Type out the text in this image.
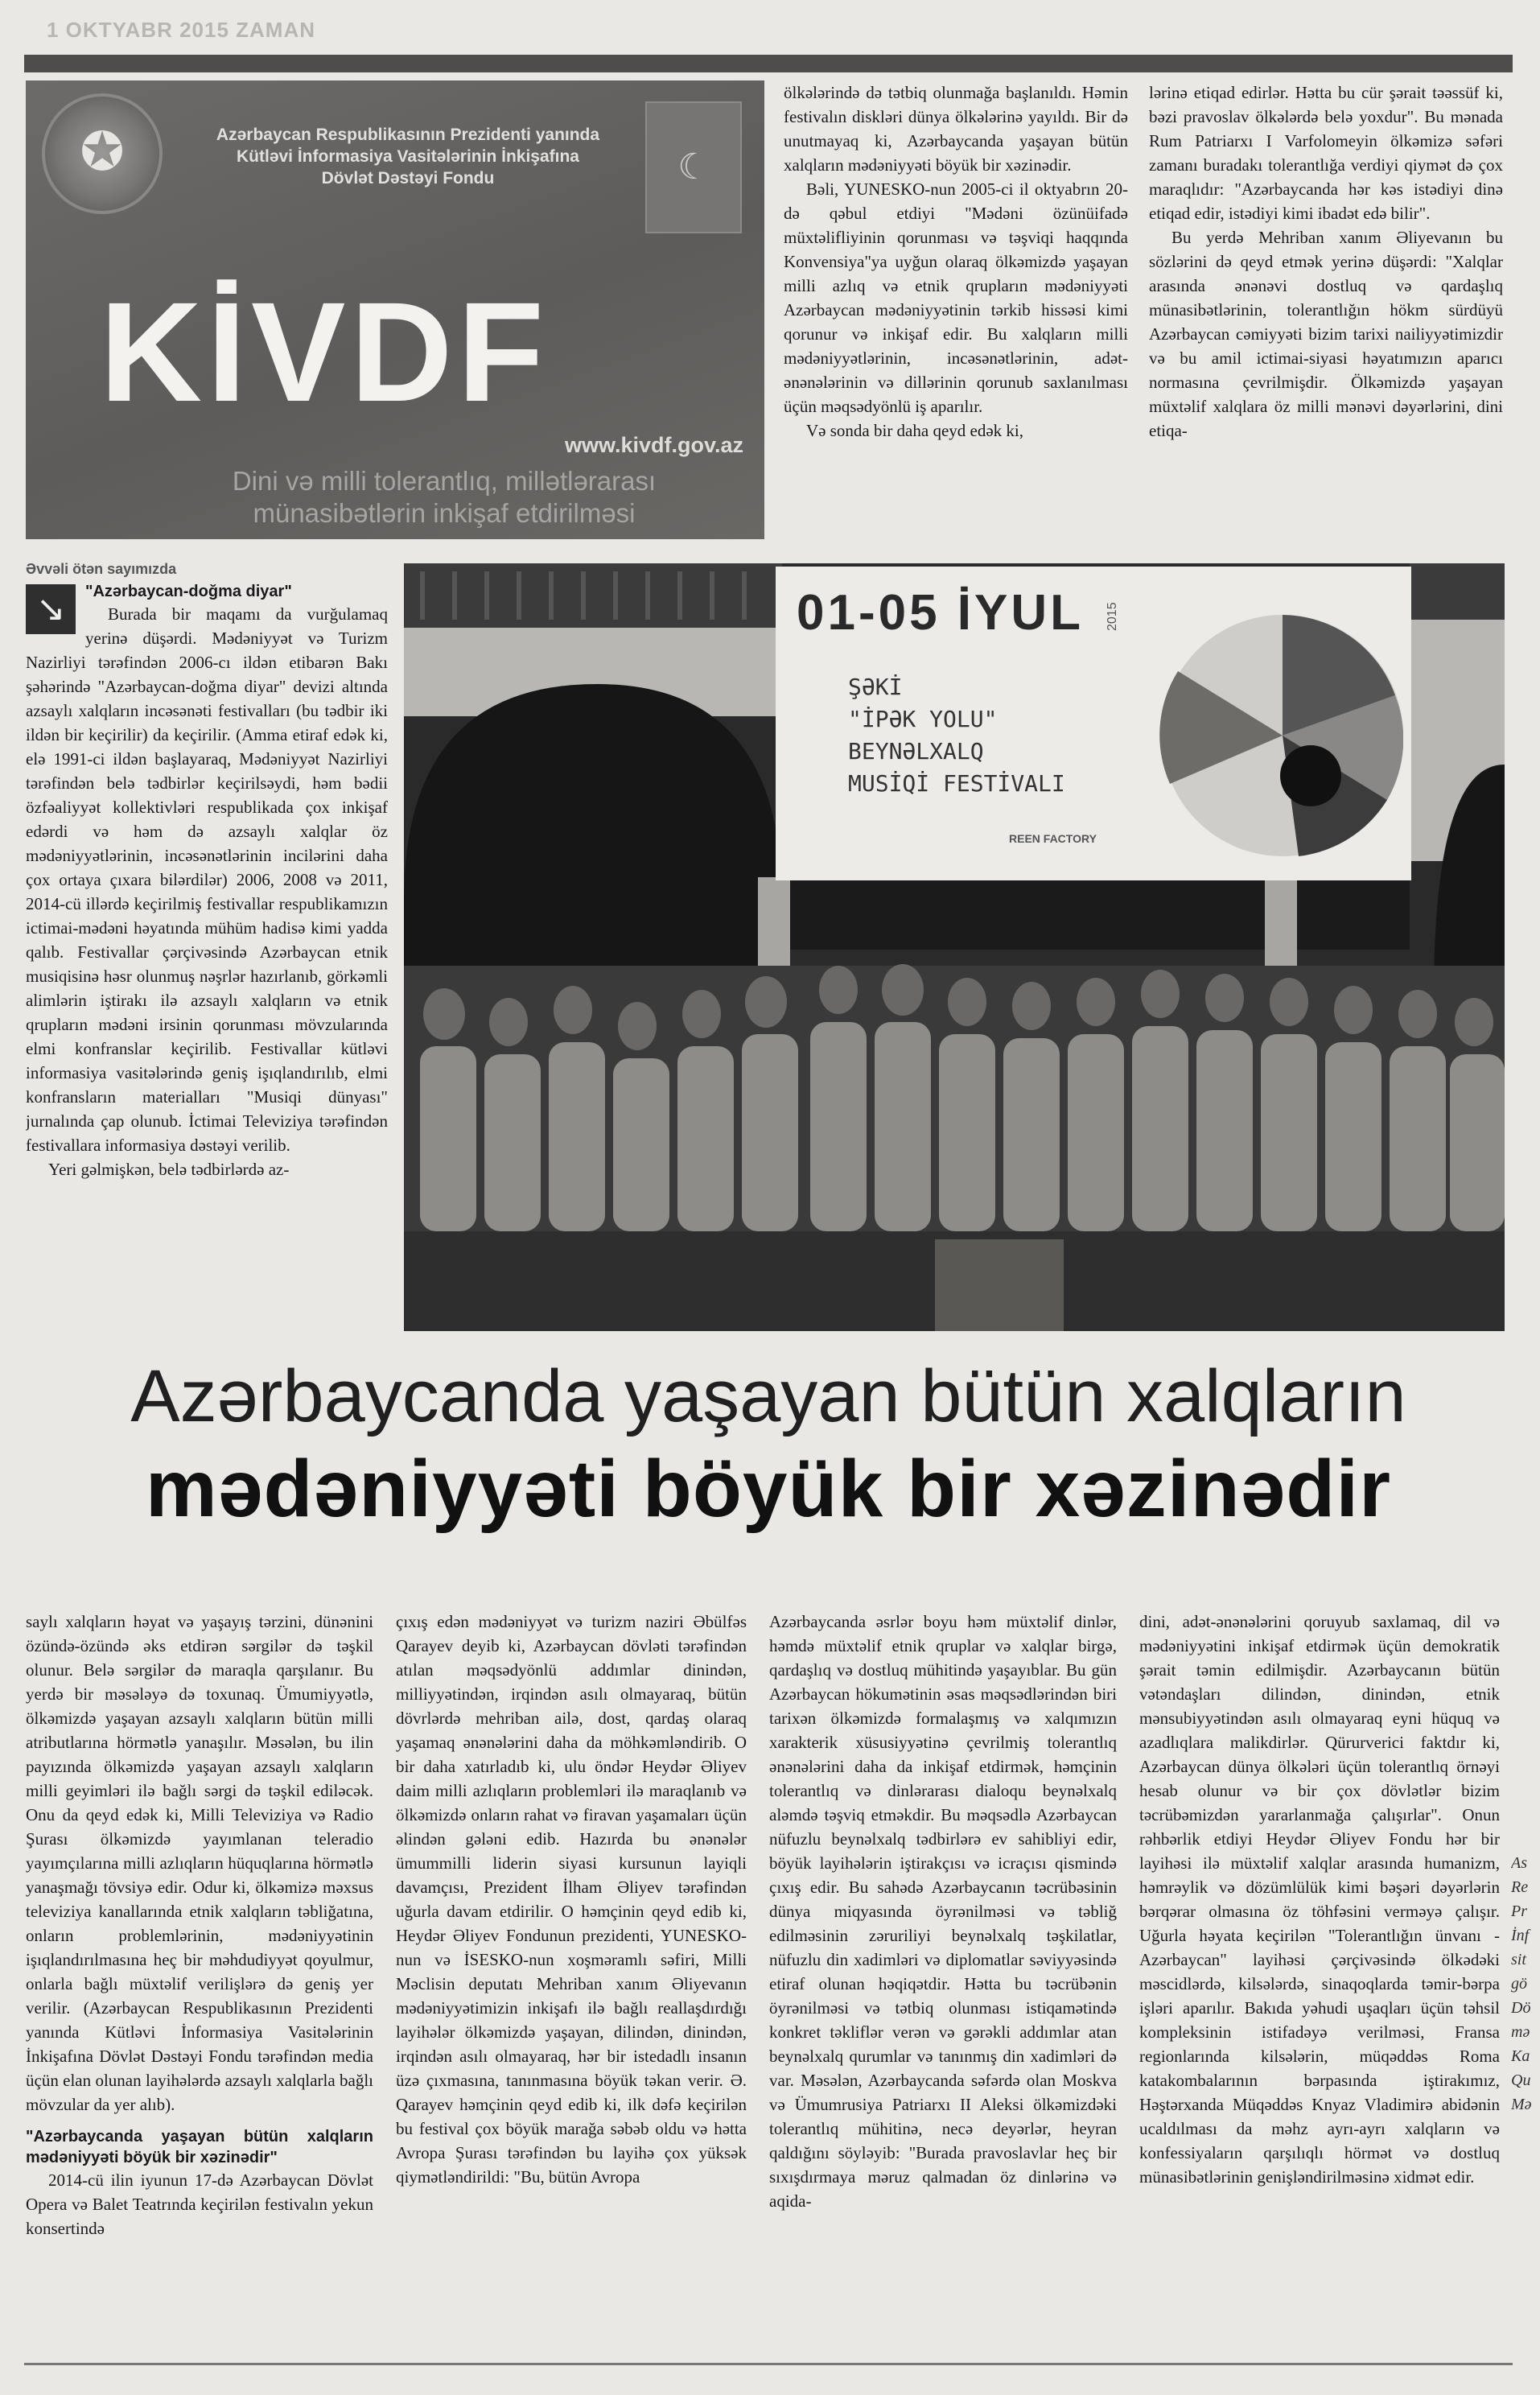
1 OKTYABR 2015 ZAMAN
✪	Azərbaycan Respublikasının Prezidenti yanında
Kütləvi İnformasiya Vasitələrinin İnkişafına
Dövlət Dəstəyi Fondu	☾
KİVDF
www.kivdf.gov.az
Dini və milli tolerantlıq, millətlərarası
münasibətlərin inkişaf etdirilməsi

ölkələrində də tətbiq olunmağa başlanıldı. Həmin festivalın diskləri dünya ölkələrinə yayıldı. Bir də unutmayaq ki, Azərbaycanda yaşayan bütün xalqların mədəniyyəti böyük bir xəzinədir.

Bəli, YUNESKO-nun 2005-ci il oktyabrın 20-də qəbul etdiyi "Mədəni özünüifadə müxtəlifliyinin qorunması və təşviqi haqqında Konvensiya"ya uyğun olaraq ölkəmizdə yaşayan milli azlıq və etnik qrupların mədəniyyəti Azərbaycan mədəniyyətinin tərkib hissəsi kimi qorunur və inkişaf edir. Bu xalqların milli mədəniyyətlərinin, incəsənətlərinin, adət-ənənələrinin və dillərinin qorunub saxlanılması üçün məqsədyönlü iş aparılır.

Və sonda bir daha qeyd edək ki,

lərinə etiqad edirlər. Hətta bu cür şərait təəssüf ki, bəzi pravoslav ölkələrdə belə yoxdur". Bu mənada Rum Patriarxı I Varfolomeyin ölkəmizə səfəri zamanı buradakı tolerantlığa verdiyi qiymət də çox maraqlıdır: "Azərbaycanda hər kəs istədiyi dinə etiqad edir, istədiyi kimi ibadət edə bilir".

Bu yerdə Mehriban xanım Əliyevanın bu sözlərini də qeyd etmək yerinə düşərdi: "Xalqlar arasında ənənəvi dostluq və qardaşlıq münasibətlərinin, tolerantlığın hökm sürdüyü Azərbaycan cəmiyyəti bizim tarixi nailiyyətimizdir və bu amil ictimai-siyasi həyatımızın aparıcı normasına çevrilmişdir. Ölkəmizdə yaşayan müxtəlif xalqlara öz milli mənəvi dəyərlərini, dini etiqa-

Əvvəli ötən sayımızda

↘	"Azərbaycan-doğma diyar"

Burada bir maqamı da vurğulamaq yerinə düşərdi. Mədəniyyət və Turizm Nazirliyi tərəfindən 2006-cı ildən etibarən Bakı şəhərində "Azərbaycan-doğma diyar" devizi altında azsaylı xalqların incəsənəti festivalları (bu tədbir iki ildən bir keçirilir) da keçirilir. (Amma etiraf edək ki, elə 1991-ci ildən başlayaraq, Mədəniyyət Nazirliyi tərəfindən belə tədbirlər keçirilsəydi, həm bədii özfəaliyyət kollektivləri respublikada çox inkişaf edərdi və həm də azsaylı xalqlar öz mədəniyyətlərinin, incəsənətlərinin incilərini daha çox ortaya çıxara bilərdilər) 2006, 2008 və 2011, 2014-cü illərdə keçirilmiş festivallar respublikamızın ictimai-mədəni həyatında mühüm hadisə kimi yadda qalıb. Festivallar çərçivəsində Azərbaycan etnik musiqisinə həsr olunmuş nəşrlər hazırlanıb, görkəmli alimlərin iştirakı ilə azsaylı xalqların və etnik qrupların mədəni irsinin qorunması mövzularında elmi konfranslar keçirilib. Festivallar kütləvi informasiya vasitələrində geniş işıqlandırılıb, elmi konfransların materialları "Musiqi dünyası" jurnalında çap olunub. İctimai Televiziya tərəfindən festivallara informasiya dəstəyi verilib.

Yeri gəlmişkən, belə tədbirlərdə az-

01-05 İYUL 2015
ŞƏKİ
"İPƏK YOLU"
BEYNƏLXALQ
MUSİQİ FESTİVALI
REEN FACTORY
Azərbaycanda yaşayan bütün xalqların
mədəniyyəti böyük bir xəzinədir

saylı xalqların həyat və yaşayış tərzini, dünənini özündə-özündə əks etdirən sərgilər də təşkil olunur. Belə sərgilər də maraqla qarşılanır. Bu yerdə bir məsələyə də toxunaq. Ümumiyyətlə, ölkəmizdə yaşayan azsaylı xalqların bütün milli atributlarına hörmətlə yanaşılır. Məsələn, bu ilin payızında ölkəmizdə yaşayan azsaylı xalqların milli geyimləri ilə bağlı sərgi də təşkil ediləcək. Onu da qeyd edək ki, Milli Televiziya və Radio Şurası ölkəmizdə yayımlanan teleradio yayımçılarına milli azlıqların hüquqlarına hörmətlə yanaşmağı tövsiyə edir. Odur ki, ölkəmizə məxsus televiziya kanallarında etnik xalqların təbliğatına, onların problemlərinin, mədəniyyətinin işıqlandırılmasına heç bir məhdudiyyət qoyulmur, onlarla bağlı müxtəlif verilişlərə də geniş yer verilir. (Azərbaycan Respublikasının Prezidenti yanında Kütləvi İnformasiya Vasitələrinin İnkişafına Dövlət Dəstəyi Fondu tərəfindən media üçün elan olunan layihələrdə azsaylı xalqlarla bağlı mövzular da yer alıb).

"Azərbaycanda yaşayan bütün xalqların mədəniyyəti böyük bir xəzinədir"

2014-cü ilin iyunun 17-də Azərbaycan Dövlət Opera və Balet Teatrında keçirilən festivalın yekun konsertində

çıxış edən mədəniyyət və turizm naziri Əbülfəs Qarayev deyib ki, Azərbaycan dövləti tərəfindən atılan məqsədyönlü addımlar dinindən, milliyyətindən, irqindən asılı olmayaraq, bütün dövrlərdə mehriban ailə, dost, qardaş olaraq yaşamaq ənənələrini daha da möhkəmləndirib. O bir daha xatırladıb ki, ulu öndər Heydər Əliyev daim milli azlıqların problemləri ilə maraqlanıb və ölkəmizdə onların rahat və firavan yaşamaları üçün əlindən gələni edib. Hazırda bu ənənələr ümummilli liderin siyasi kursunun layiqli davamçısı, Prezident İlham Əliyev tərəfindən uğurla davam etdirilir. O həmçinin qeyd edib ki, Heydər Əliyev Fondunun prezidenti, YUNESKO-nun və İSESKO-nun xoşməramlı səfiri, Milli Məclisin deputatı Mehriban xanım Əliyevanın mədəniyyətimizin inkişafı ilə bağlı reallaşdırdığı layihələr ölkəmizdə yaşayan, dilindən, dinindən, irqindən asılı olmayaraq, hər bir istedadlı insanın üzə çıxmasına, tanınmasına böyük təkan verir. Ə. Qarayev həmçinin qeyd edib ki, ilk dəfə keçirilən bu festival çox böyük marağa səbəb oldu və hətta Avropa Şurası tərəfindən bu layihə çox yüksək qiymətləndirildi: "Bu, bütün Avropa

Azərbaycanda əsrlər boyu həm müxtəlif dinlər, həmdə müxtəlif etnik qruplar və xalqlar birgə, qardaşlıq və dostluq mühitində yaşayıblar. Bu gün Azərbaycan hökumətinin əsas məqsədlərindən biri tarixən ölkəmizdə formalaşmış və xalqımızın xarakterik xüsusiyyətinə çevrilmiş tolerantlıq ənənələrini daha da inkişaf etdirmək, həmçinin tolerantlıq və dinlərarası dialoqu beynəlxalq aləmdə təşviq etməkdir. Bu məqsədlə Azərbaycan nüfuzlu beynəlxalq tədbirlərə ev sahibliyi edir, böyük layihələrin iştirakçısı və icraçısı qismində çıxış edir. Bu sahədə Azərbaycanın təcrübəsinin dünya miqyasında öyrənilməsi və təbliğ edilməsinin zəruriliyi beynəlxalq təşkilatlar, nüfuzlu din xadimləri və diplomatlar səviyyəsində etiraf olunan həqiqətdir. Hətta bu təcrübənin öyrənilməsi və tətbiq olunması istiqamətində konkret təkliflər verən və gərəkli addımlar atan beynəlxalq qurumlar və tanınmış din xadimləri də var. Məsələn, Azərbaycanda səfərdə olan Moskva və Ümumrusiya Patriarxı II Aleksi ölkəmizdəki tolerantlıq mühitinə, necə deyərlər, heyran qaldığını söyləyib: "Burada pravoslavlar heç bir sıxışdırmaya məruz qalmadan öz dinlərinə və aqida-

dini, adət-ənənələrini qoruyub saxlamaq, dil və mədəniyyətini inkişaf etdirmək üçün demokratik şərait təmin edilmişdir. Azərbaycanın bütün vətəndaşları dilindən, dinindən, etnik mənsubiyyətindən asılı olmayaraq eyni hüquq və azadlıqlara malikdirlər. Qürurverici faktdır ki, Azərbaycan dünya ölkələri üçün tolerantlıq örnəyi hesab olunur və bir çox dövlətlər bizim təcrübəmizdən yararlanmağa çalışırlar". Onun rəhbərlik etdiyi Heydər Əliyev Fondu hər bir layihəsi ilə müxtəlif xalqlar arasında humanizm, həmrəylik və dözümlülük kimi bəşəri dəyərlərin bərqərar olmasına öz töhfəsini verməyə çalışır. Uğurla həyata keçirilən "Tolerantlığın ünvanı - Azərbaycan" layihəsi çərçivəsində ölkədəki məscidlərdə, kilsələrdə, sinaqoqlarda təmir-bərpa işləri aparılır. Bakıda yəhudi uşaqları üçün təhsil kompleksinin istifadəyə verilməsi, Fransa regionlarında kilsələrin, müqəddəs Roma katakombalarının bərpasında iştirakımız, Həştərxanda Müqəddəs Knyaz Vladimirə abidənin ucaldılması da məhz ayrı-ayrı xalqların və konfessiyaların qarşılıqlı hörmət və dostluq münasibətlərinin genişləndirilməsinə xidmət edir.

As
Re
Pr
İnf
sit
gö
Dö
mə
Ka
Qu
Mə
